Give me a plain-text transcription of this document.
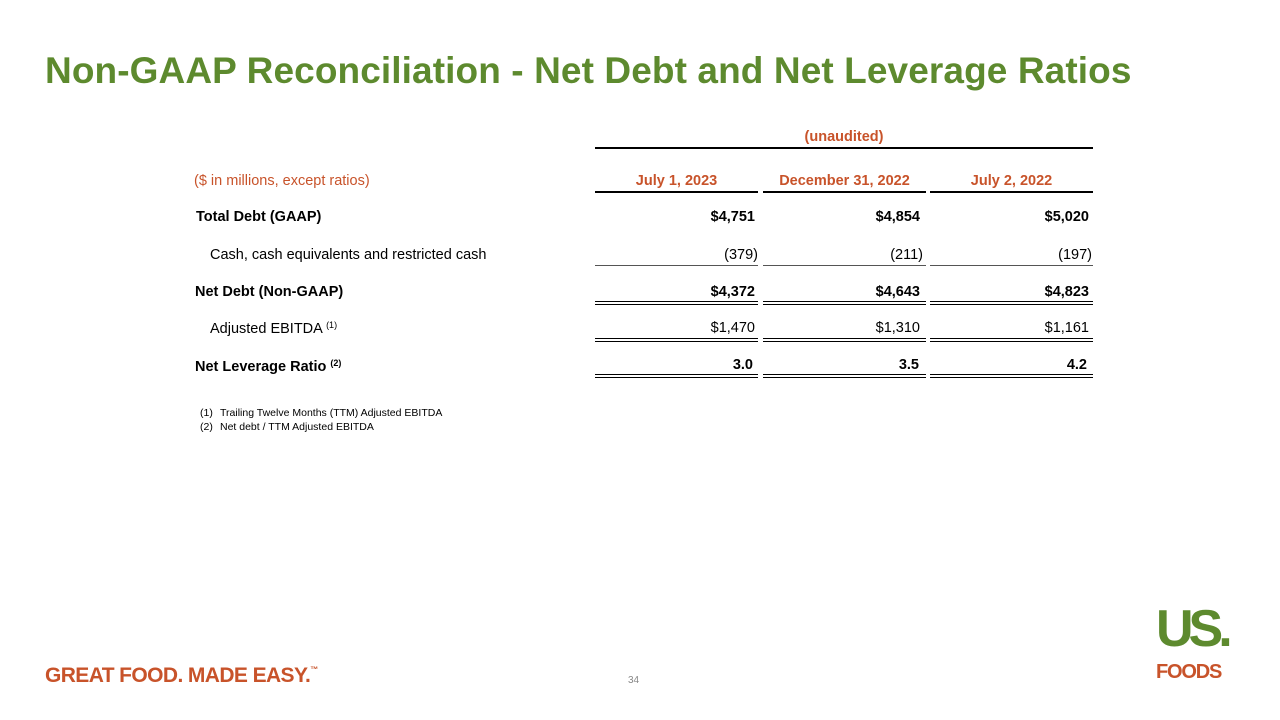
Non-GAAP Reconciliation - Net Debt and Net Leverage Ratios
(unaudited)
($ in millions, except ratios)	July 1, 2023	December 31, 2022	July 2, 2022
Total Debt (GAAP)	$4,751	$4,854	$5,020
Cash, cash equivalents and restricted cash	(379)	(211)	(197)
Net Debt (Non-GAAP)	$4,372	$4,643	$4,823
Adjusted EBITDA $^{(1)}$	$1,470	$1,310	$1,161
Net Leverage Ratio $^{(2)}$	3.0	3.5	4.2
(1) Trailing Twelve Months (TTM) Adjusted EBITDA
(2) Net debt / TTM Adjusted EBITDA
GREAT FOOD. MADE EASY.™
34
US.
FOODS
